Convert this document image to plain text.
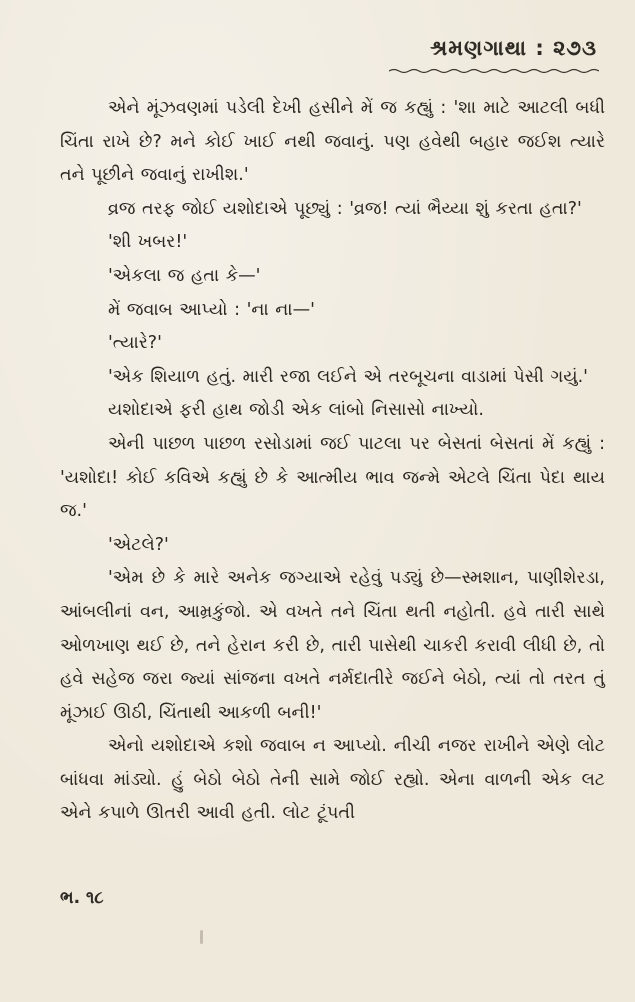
શ્રમણગાથા : ૨૭૩

એને મૂંઝવણમાં પડેલી દેખી હસીને મેં જ કહ્યું : 'શા માટે આટલી બધી ચિંતા રાખે છે? મને કોઈ ખાઈ નથી જવાનું. પણ હવેથી બહાર જઈશ ત્યારે તને પૂછીને જવાનું રાખીશ.'

વ્રજ તરફ જોઈ યશોદાએ પૂછ્યું : 'વ્રજ! ત્યાં ભૈય્યા શું કરતા હતા?'

'શી ખબર!'

'એકલા જ હતા કે—'

મેં જવાબ આપ્યો : 'ના ના—'

'ત્યારે?'

'એક શિયાળ હતું. મારી રજા લઈને એ તરબૂચના વાડામાં પેસી ગયું.'

યશોદાએ ફરી હાથ જોડી એક લાંબો નિસાસો નાખ્યો.

એની પાછળ પાછળ રસોડામાં જઈ પાટલા પર બેસતાં બેસતાં મેં કહ્યું : 'યશોદા! કોઈ કવિએ કહ્યું છે કે આત્મીય ભાવ જન્મે એટલે ચિંતા પેદા થાય જ.'

'એટલે?'

'એમ છે કે મારે અનેક જગ્યાએ રહેવું પડ્યું છે—સ્મશાન, પાણીશેરડા, આંબલીનાં વન, આમ્રકુંજો. એ વખતે તને ચિંતા થતી નહોતી. હવે તારી સાથે ઓળખાણ થઈ છે, તને હેરાન કરી છે, તારી પાસેથી ચાકરી કરાવી લીધી છે, તો હવે સહેજ જરા જ્યાં સાંજના વખતે નર્મદાતીરે જઈને બેઠો, ત્યાં તો તરત તું મૂંઝાઈ ઊઠી, ચિંતાથી આકળી બની!'

એનો યશોદાએ કશો જવાબ ન આપ્યો. નીચી નજર રાખીને એણે લોટ બાંધવા માંડ્યો. હું બેઠો બેઠો તેની સામે જોઈ રહ્યો. એના વાળની એક લટ એને કપાળે ઊતરી આવી હતી. લોટ ટૂંપતી

ભ. ૧૮
